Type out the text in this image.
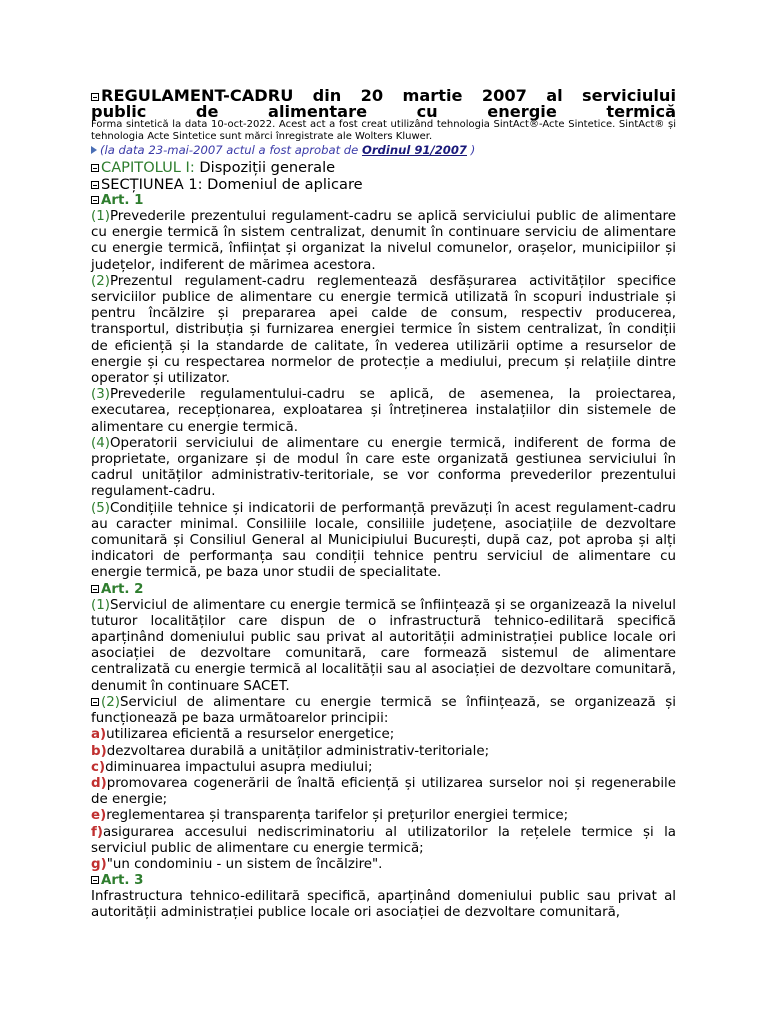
REGULAMENT-CADRU din 20 martie 2007 al serviciului
public de alimentare cu energie termică
Forma sintetică la data 10-oct-2022. Acest act a fost creat utilizând tehnologia SintAct®-Acte Sintetice. SintAct® și tehnologia Acte Sintetice sunt mărci înregistrate ale Wolters Kluwer.
(la data 23-mai-2007 actul a fost aprobat de Ordinul 91/2007 )
CAPITOLUL I: Dispoziții generale
SECȚIUNEA 1: Domeniul de aplicare
Art. 1
(1)Prevederile prezentului regulament-cadru se aplică serviciului public de alimentare cu energie termică în sistem centralizat, denumit în continuare serviciu de alimentare cu energie termică, înființat și organizat la nivelul comunelor, orașelor, municipiilor și județelor, indiferent de mărimea acestora.
(2)Prezentul regulament-cadru reglementează desfășurarea activităților specifice serviciilor publice de alimentare cu energie termică utilizată în scopuri industriale și pentru încălzire și prepararea apei calde de consum, respectiv producerea, transportul, distribuția și furnizarea energiei termice în sistem centralizat, în condiții de eficiență și la standarde de calitate, în vederea utilizării optime a resurselor de energie și cu respectarea normelor de protecție a mediului, precum și relațiile dintre operator și utilizator.
(3)Prevederile regulamentului-cadru se aplică, de asemenea, la proiectarea, executarea, recepționarea, exploatarea și întreținerea instalațiilor din sistemele de alimentare cu energie termică.
(4)Operatorii serviciului de alimentare cu energie termică, indiferent de forma de proprietate, organizare și de modul în care este organizată gestiunea serviciului în cadrul unităților administrativ-teritoriale, se vor conforma prevederilor prezentului regulament-cadru.
(5)Condițiile tehnice și indicatorii de performanță prevăzuți în acest regulament-cadru au caracter minimal. Consiliile locale, consiliile județene, asociațiile de dezvoltare comunitară și Consiliul General al Municipiului București, după caz, pot aproba și alți indicatori de performanța sau condiții tehnice pentru serviciul de alimentare cu energie termică, pe baza unor studii de specialitate.
Art. 2
(1)Serviciul de alimentare cu energie termică se înființează și se organizează la nivelul tuturor localităților care dispun de o infrastructură tehnico-edilitară specifică aparținând domeniului public sau privat al autorității administrației publice locale ori asociației de dezvoltare comunitară, care formează sistemul de alimentare centralizată cu energie termică al localității sau al asociației de dezvoltare comunitară, denumit în continuare SACET.
(2)Serviciul de alimentare cu energie termică se înființează, se organizează și funcționează pe baza următoarelor principii:
a)utilizarea eficientă a resurselor energetice;
b)dezvoltarea durabilă a unităților administrativ-teritoriale;
c)diminuarea impactului asupra mediului;
d)promovarea cogenerării de înaltă eficiență și utilizarea surselor noi și regenerabile de energie;
e)reglementarea și transparența tarifelor și prețurilor energiei termice;
f)asigurarea accesului nediscriminatoriu al utilizatorilor la rețelele termice și la serviciul public de alimentare cu energie termică;
g)"un condominiu - un sistem de încălzire".
Art. 3
Infrastructura tehnico-edilitară specifică, aparținând domeniului public sau privat al autorității administrației publice locale ori asociației de dezvoltare comunitară,
